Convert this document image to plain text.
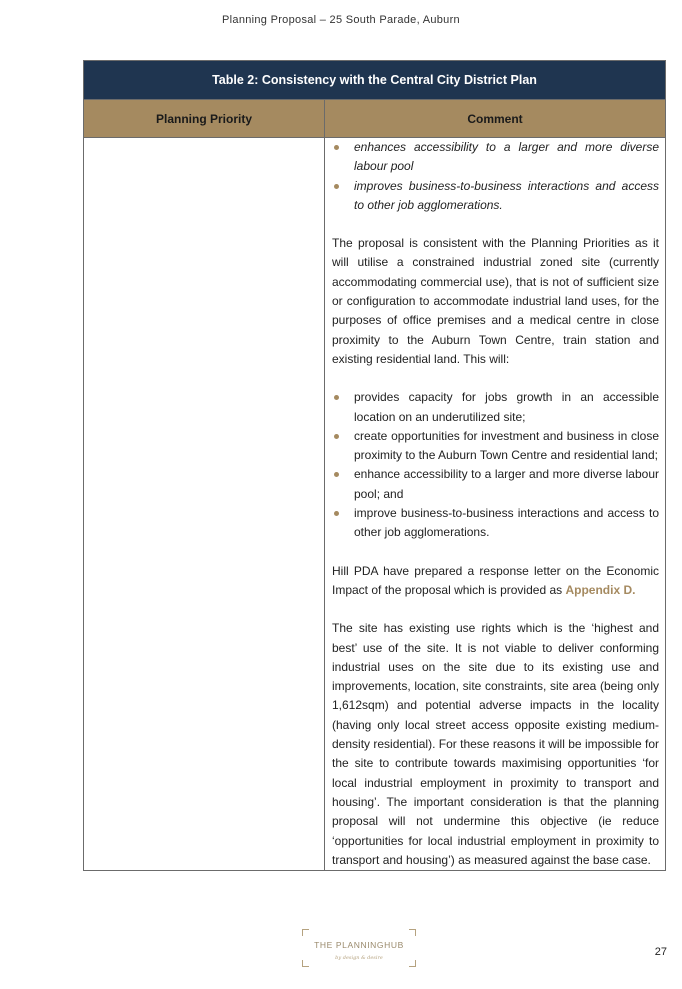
Planning Proposal – 25 South Parade, Auburn
Table 2: Consistency with the Central City District Plan
Planning Priority	Comment
enhances accessibility to a larger and more diverse labour pool
improves business-to-business interactions and access to other job agglomerations.

The proposal is consistent with the Planning Priorities as it will utilise a constrained industrial zoned site (currently accommodating commercial use), that is not of sufficient size or configuration to accommodate industrial land uses, for the purposes of office premises and a medical centre in close proximity to the Auburn Town Centre, train station and existing residential land. This will:

provides capacity for jobs growth in an accessible location on an underutilized site;
create opportunities for investment and business in close proximity to the Auburn Town Centre and residential land;
enhance accessibility to a larger and more diverse labour pool; and
improve business-to-business interactions and access to other job agglomerations.

Hill PDA have prepared a response letter on the Economic Impact of the proposal which is provided as Appendix D.

The site has existing use rights which is the ‘highest and best’ use of the site. It is not viable to deliver conforming industrial uses on the site due to its existing use and improvements, location, site constraints, site area (being only 1,612sqm) and potential adverse impacts in the locality (having only local street access opposite existing medium-density residential). For these reasons it will be impossible for the site to contribute towards maximising opportunities ‘for local industrial employment in proximity to transport and housing’. The important consideration is that the planning proposal will not undermine this objective (ie reduce ‘opportunities for local industrial employment in proximity to transport and housing’) as measured against the base case.

THE PLANNINGHUB
by design & desire	27
